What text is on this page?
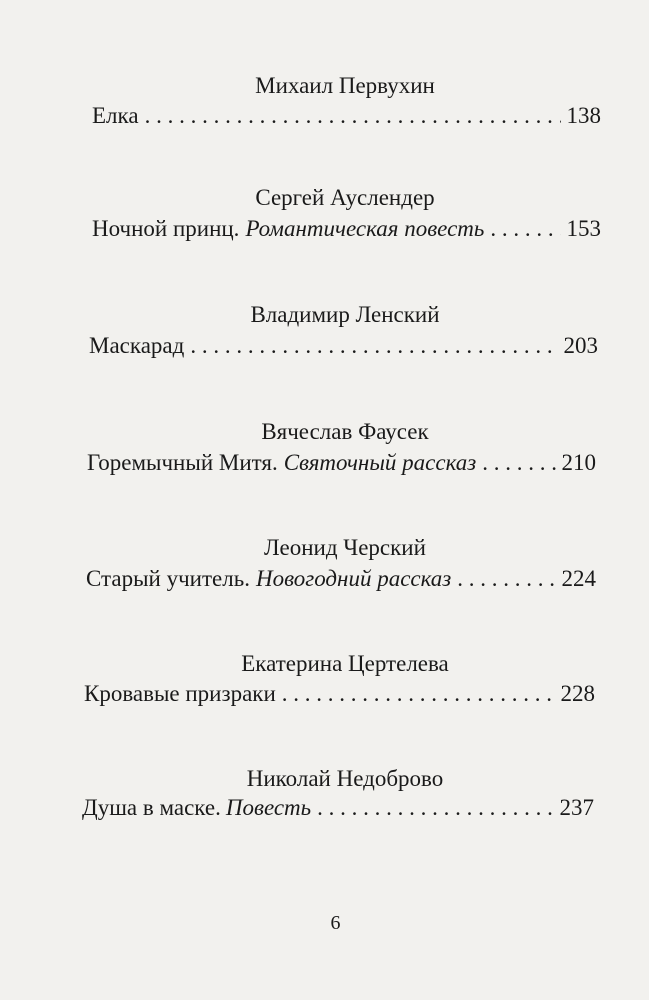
Михаил Первухин
Елка . . .	138
Сергей Ауслендер
Ночной принц. Романтическая повесть . . .	153
Владимир Ленский
Маскарад . . .	203
Вячеслав Фаусек
Горемычный Митя. Святочный рассказ . . .	210
Леонид Черский
Старый учитель. Новогодний рассказ . . .	224
Екатерина Цертелева
Кровавые призраки . . .	228
Николай Недоброво
Душа в маске. Повесть . . .	237
6
